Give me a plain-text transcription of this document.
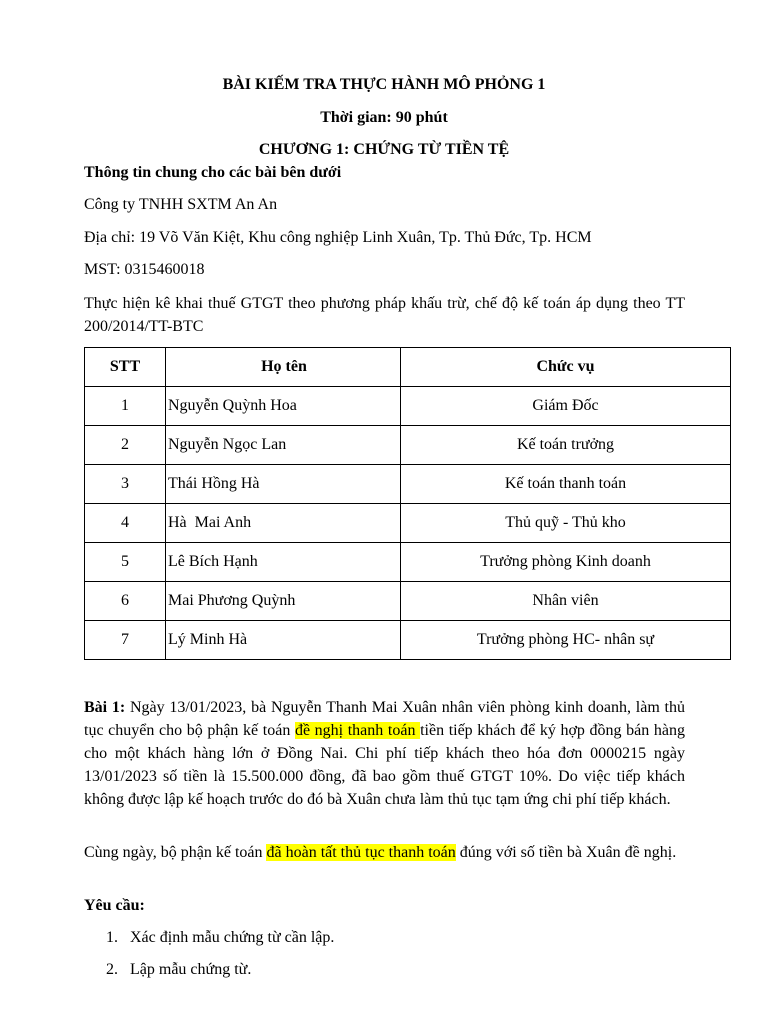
BÀI KIẾM TRA THỰC HÀNH MÔ PHỎNG 1
Thời gian: 90 phút
CHƯƠNG 1: CHỨNG TỪ TIỀN TỆ
Thông tin chung cho các bài bên dưới
Công ty TNHH SXTM An An
Địa chỉ: 19 Võ Văn Kiệt, Khu công nghiệp Linh Xuân, Tp. Thủ Đức, Tp. HCM
MST: 0315460018
Thực hiện kê khai thuế GTGT theo phương pháp khấu trừ, chế độ kế toán áp dụng theo TT 200/2014/TT-BTC
STT	Họ tên	Chức vụ
1	Nguyễn Quỳnh Hoa	Giám Đốc
2	Nguyễn Ngọc Lan	Kế toán trưởng
3	Thái Hồng Hà	Kế toán thanh toán
4	Hà  Mai Anh	Thủ quỹ - Thủ kho
5	Lê Bích Hạnh	Trưởng phòng Kinh doanh
6	Mai Phương Quỳnh	Nhân viên
7	Lý Minh Hà	Trưởng phòng HC- nhân sự
Bài 1: Ngày 13/01/2023, bà Nguyễn Thanh Mai Xuân nhân viên phòng kinh doanh, làm thủ tục chuyển cho bộ phận kế toán đề nghị thanh toán tiền tiếp khách để ký hợp đồng bán hàng cho một khách hàng lớn ở Đồng Nai. Chi phí tiếp khách theo hóa đơn 0000215 ngày 13/01/2023 số tiền là 15.500.000 đồng, đã bao gồm thuế GTGT 10%. Do việc tiếp khách không được lập kế hoạch trước do đó bà Xuân chưa làm thủ tục tạm ứng chi phí tiếp khách.
Cùng ngày, bộ phận kế toán đã hoàn tất thủ tục thanh toán đúng với số tiền bà Xuân đề nghị.
Yêu cầu:
1. Xác định mẫu chứng từ cần lập.
2. Lập mẫu chứng từ.
